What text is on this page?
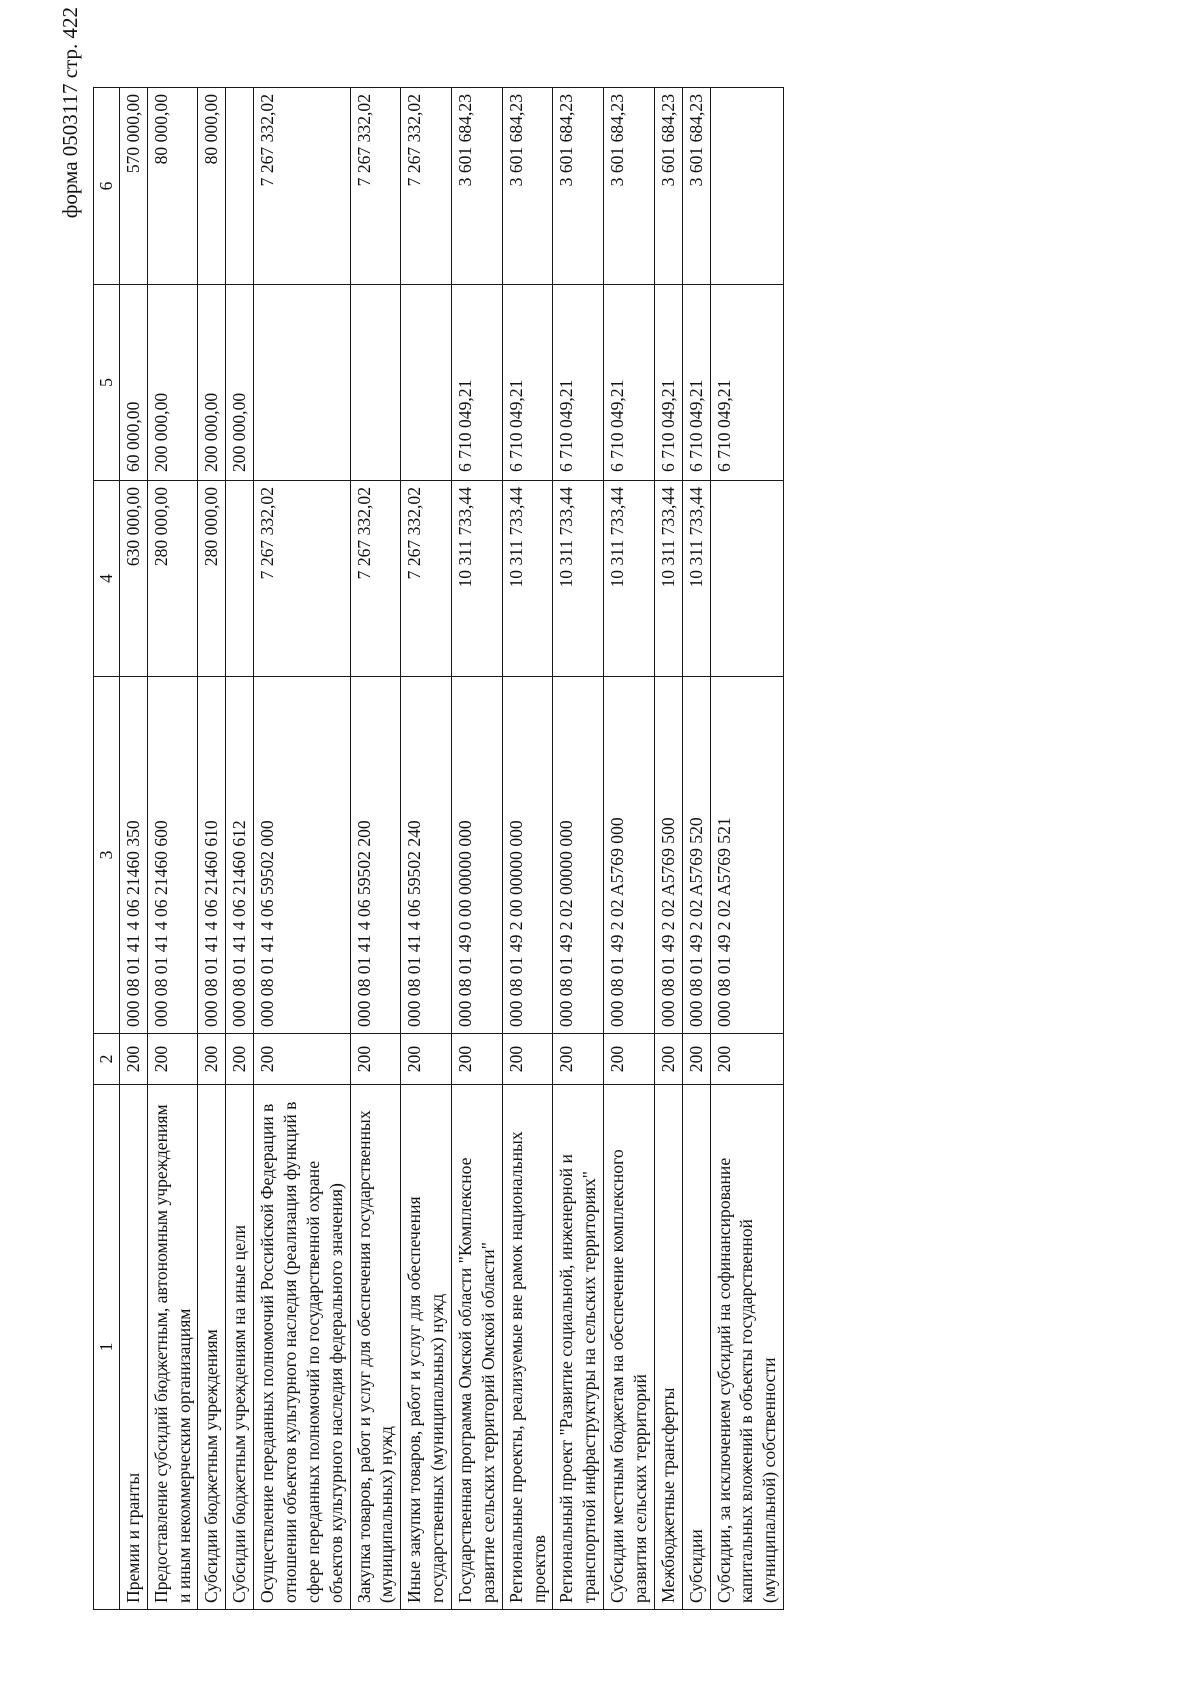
форма 0503117 стр. 422
1	2	3	4	5	6
Премии и гранты	200	000 08 01 41 4 06 21460 350	630 000,00	60 000,00	570 000,00
Предоставление субсидий бюджетным, автономным учреждениям и иным некоммерческим организациям	200	000 08 01 41 4 06 21460 600	280 000,00	200 000,00	80 000,00
Субсидии бюджетным учреждениям	200	000 08 01 41 4 06 21460 610	280 000,00	200 000,00	80 000,00
Субсидии бюджетным учреждениям на иные цели	200	000 08 01 41 4 06 21460 612		200 000,00	
Осуществление переданных полномочий Российской Федерации в отношении объектов культурного наследия (реализация функций в сфере переданных полномочий по государственной охране объектов культурного наследия федерального значения)	200	000 08 01 41 4 06 59502 000	7 267 332,02		7 267 332,02
Закупка товаров, работ и услуг для обеспечения государственных (муниципальных) нужд	200	000 08 01 41 4 06 59502 200	7 267 332,02		7 267 332,02
Иные закупки товаров, работ и услуг для обеспечения государственных (муниципальных) нужд	200	000 08 01 41 4 06 59502 240	7 267 332,02		7 267 332,02
Государственная программа Омской области "Комплексное развитие сельских территорий Омской области"	200	000 08 01 49 0 00 00000 000	10 311 733,44	6 710 049,21	3 601 684,23
Региональные проекты, реализуемые вне рамок национальных проектов	200	000 08 01 49 2 00 00000 000	10 311 733,44	6 710 049,21	3 601 684,23
Региональный проект "Развитие социальной, инженерной и транспортной инфраструктуры на сельских территориях"	200	000 08 01 49 2 02 00000 000	10 311 733,44	6 710 049,21	3 601 684,23
Субсидии местным бюджетам на обеспечение комплексного развития сельских территорий	200	000 08 01 49 2 02 A5769 000	10 311 733,44	6 710 049,21	3 601 684,23
Межбюджетные трансферты	200	000 08 01 49 2 02 A5769 500	10 311 733,44	6 710 049,21	3 601 684,23
Субсидии	200	000 08 01 49 2 02 A5769 520	10 311 733,44	6 710 049,21	3 601 684,23
Субсидии, за исключением субсидий на софинансирование капитальных вложений в объекты государственной (муниципальной) собственности	200	000 08 01 49 2 02 A5769 521		6 710 049,21	
